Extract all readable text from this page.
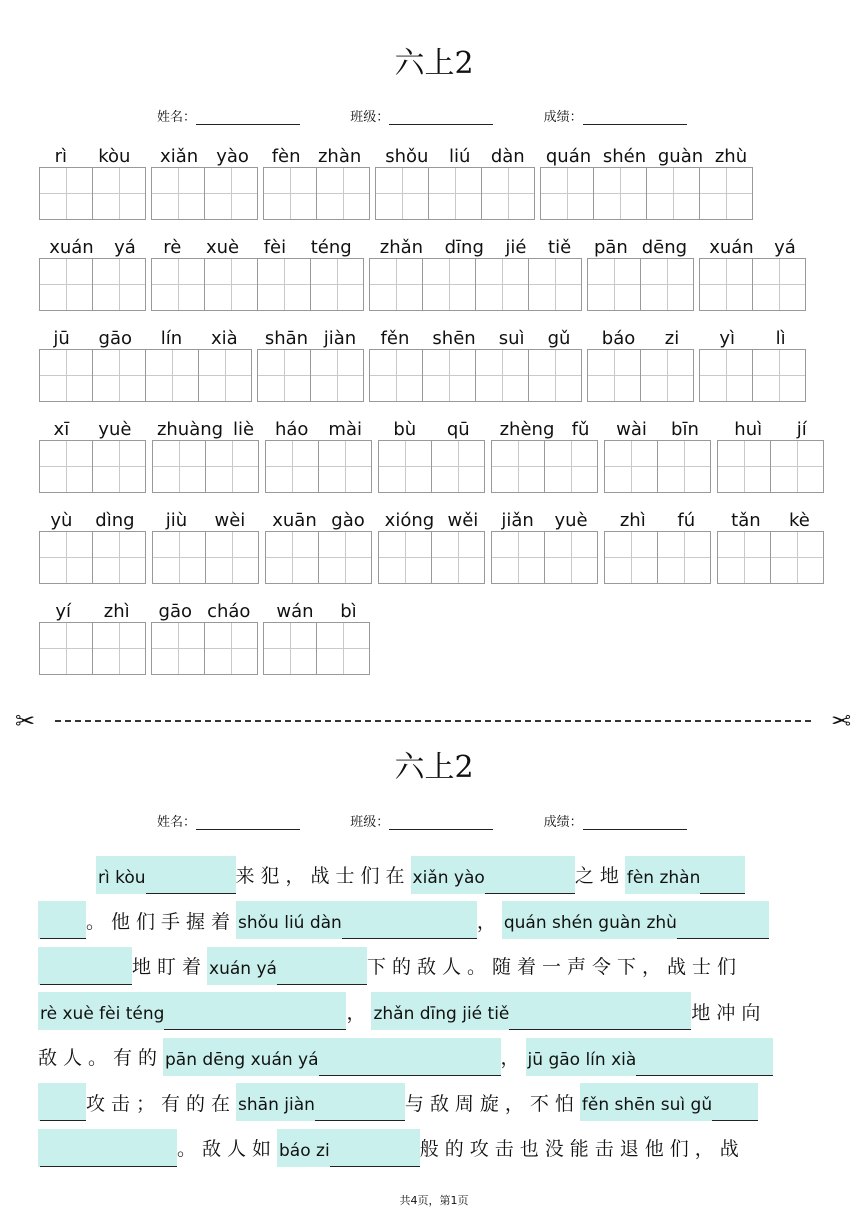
六上2
姓名：	班级：	成绩：
rì kòu xiǎn yào fèn zhàn shǒu liú dàn quán shén guàn zhù
xuán yá rè xuè fèi téng zhǎn dīng jié tiě pān dēng xuán yá
jū gāo lín xià shān jiàn fěn shēn suì gǔ báo zi yì lì
xī yuè zhuàng liè háo mài bù qū zhèng fǔ wài bīn huì jí
yù dìng jiù wèi xuān gào xióng wěi jiǎn yuè zhì fú tǎn kè
yí zhì gāo cháo wán bì
✂	✂
六上2
姓名：	班级：	成绩：
rì kòu	来犯，战士们在 xiǎn yào	之地 fèn zhàn
。他们手握着 shǒu liú dàn	， quán shén guàn zhù
地盯着 xuán yá	下的敌人。随着一声令下，战士们
rè xuè fèi téng	， zhǎn dīng jié tiě	地冲向
敌人。有的 pān dēng xuán yá	， jū gāo lín xià
攻击；有的在 shān jiàn	与敌周旋，不怕 fěn shēn suì gǔ
。敌人如 báo zi	般的攻击也没能击退他们，战
共4页，第1页
